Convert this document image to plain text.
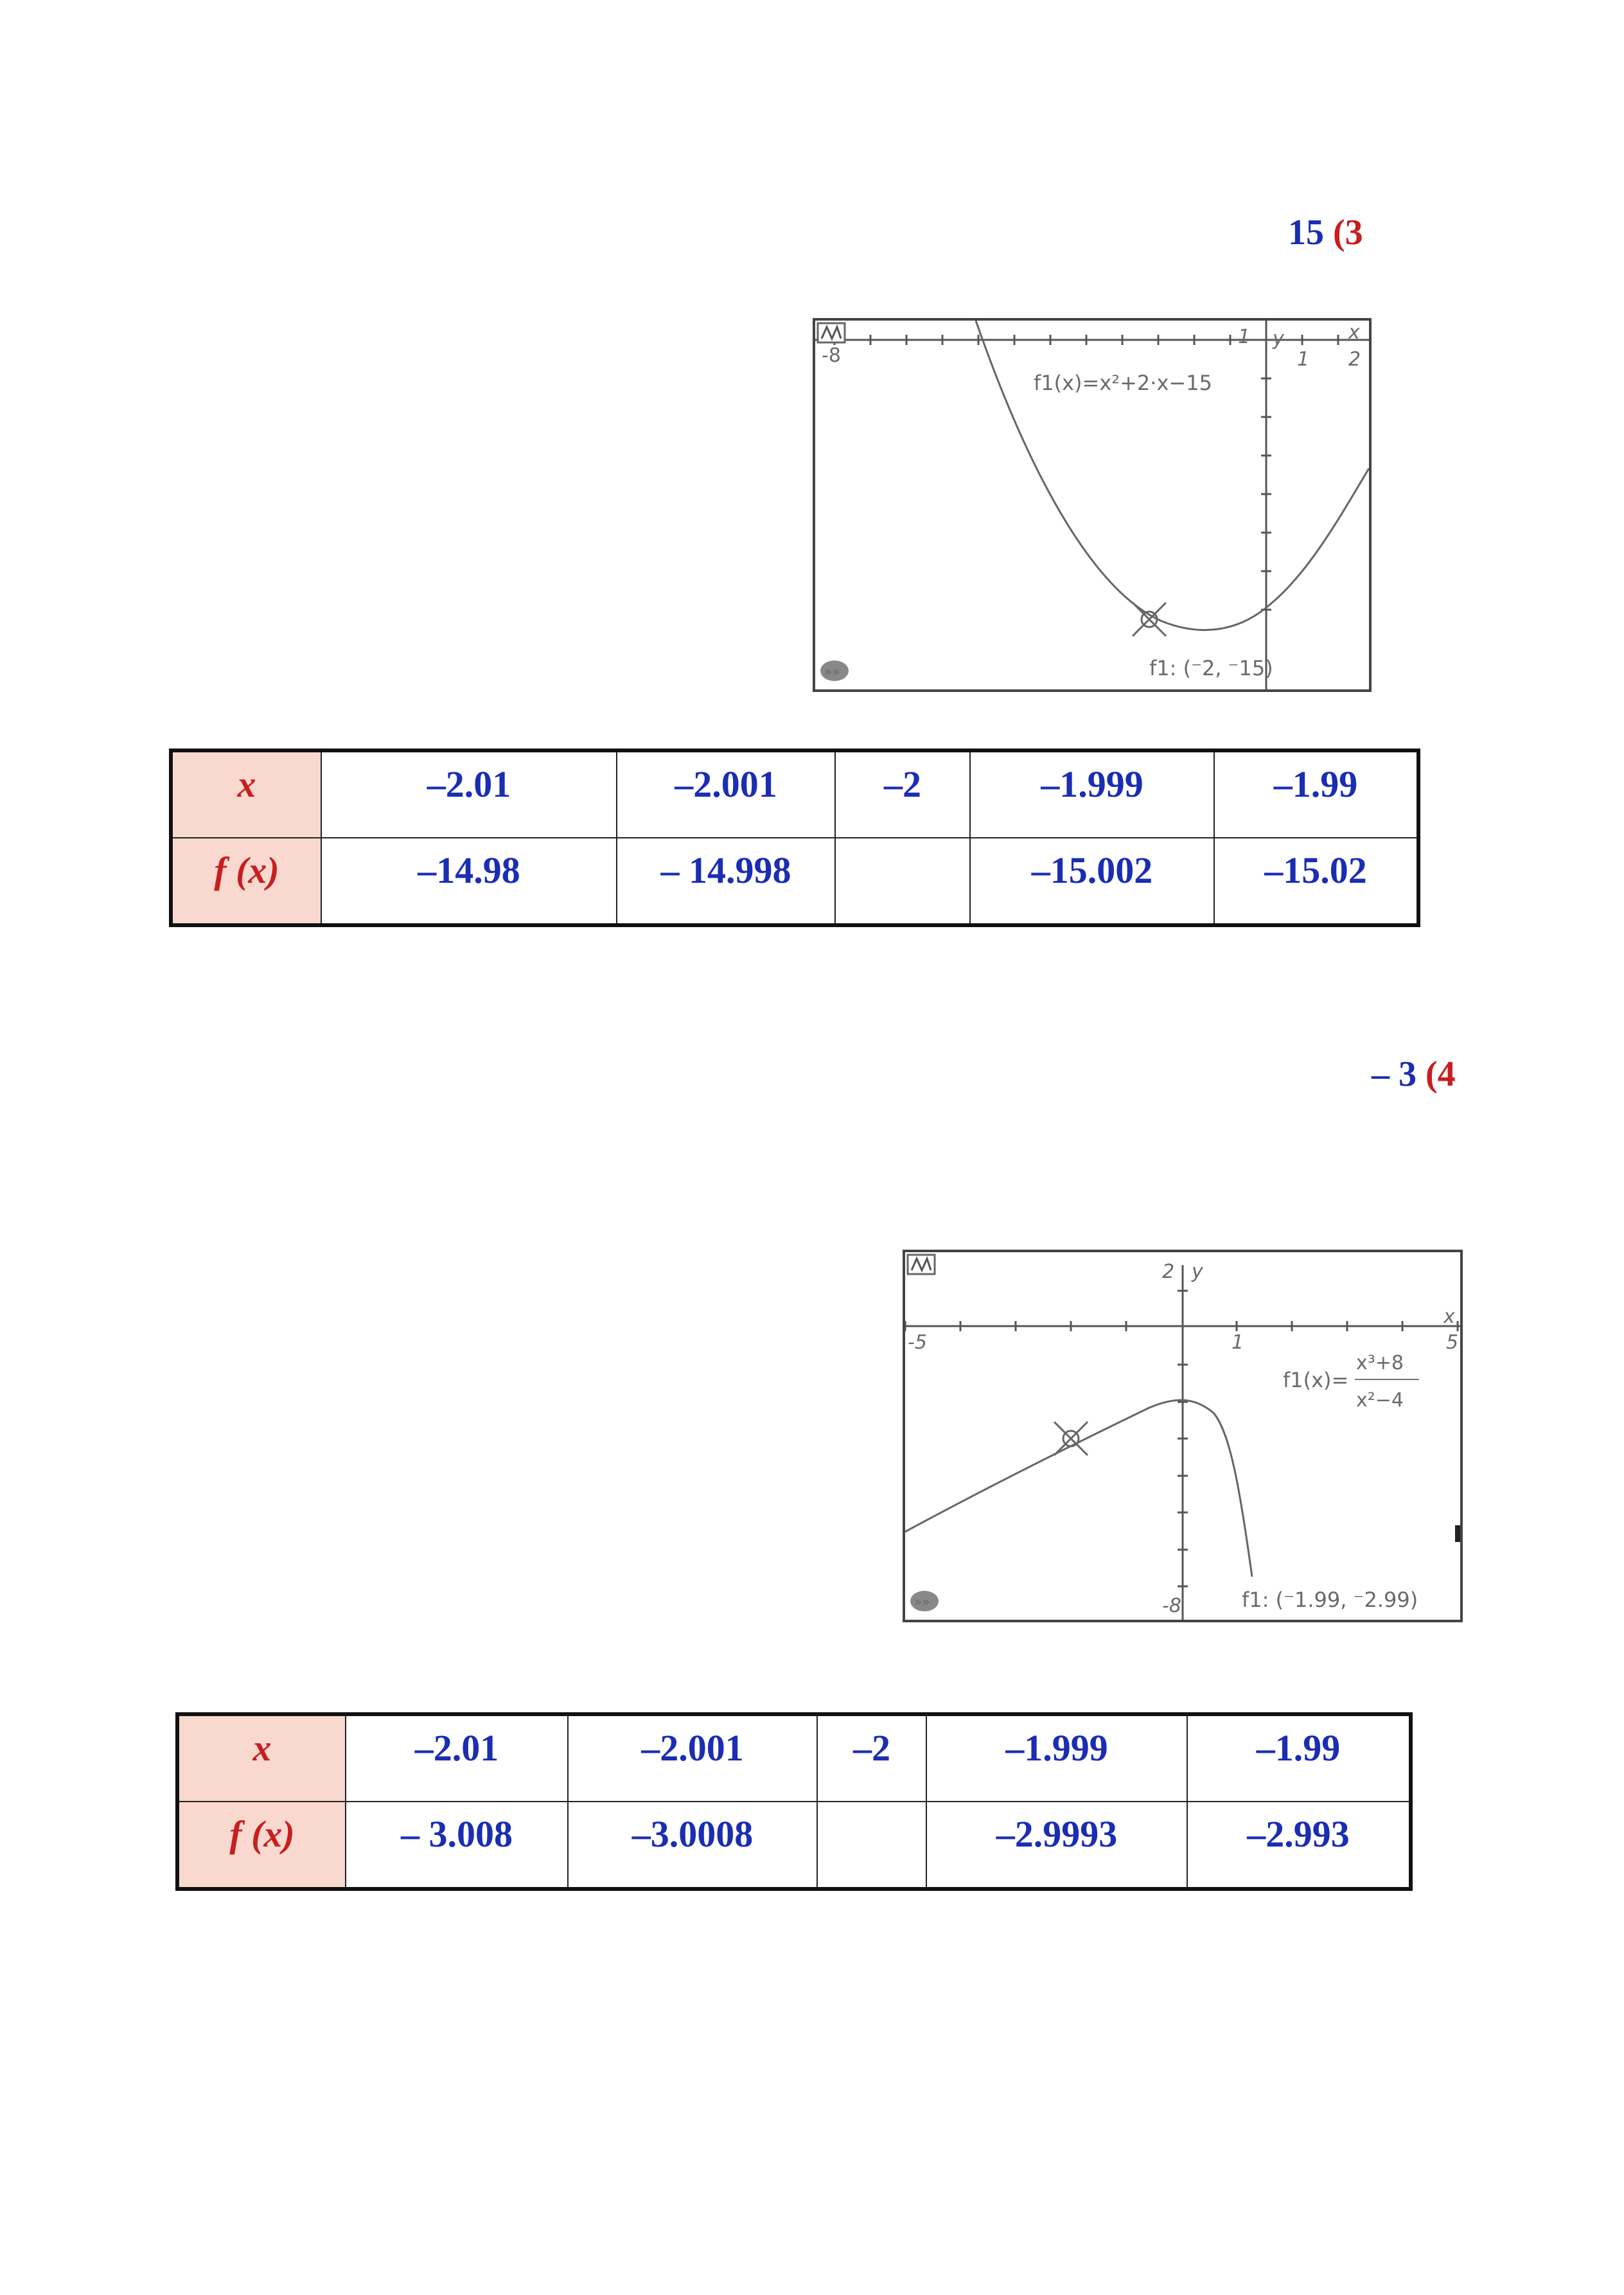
15 (3
»»
-8
1 y	x
1 2
f1(x)=x²+2·x−15
f1: (⁻2, ⁻15)
x	–2.01	–2.001	–2	–1.999	–1.99
f (x)	–14.98	– 14.998		–15.002	–15.02
– 3 (4
»»
-5	5
2
-8
y
x
1
f1(x)=
x³+8
x²−4
f1: (⁻1.99, ⁻2.99)
x	–2.01	–2.001	–2	–1.999	–1.99
f (x)	– 3.008	–3.0008		–2.9993	–2.993
